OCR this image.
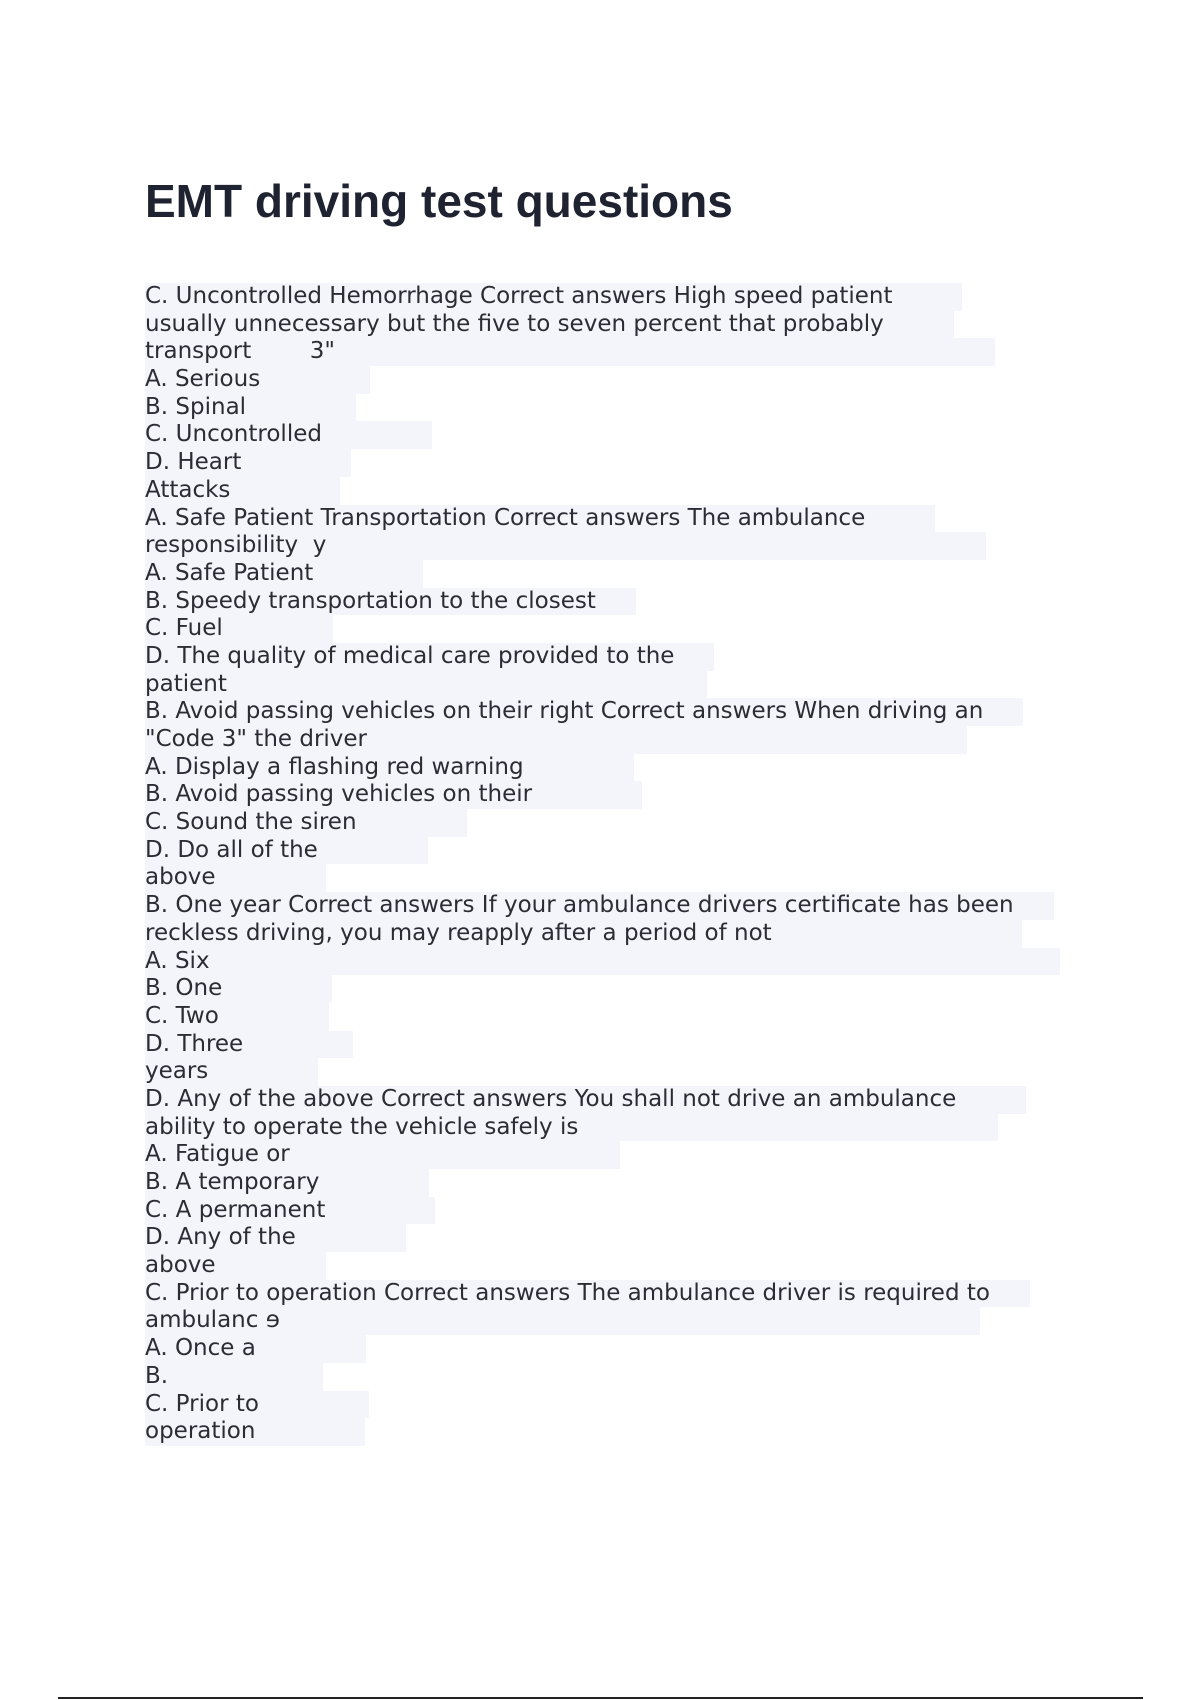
EMT driving test questions
C. Uncontrolled Hemorrhage Correct answers High speed patient
usually unnecessary but the five to seven percent that probably
transport        3"
A. Serious
B. Spinal
C. Uncontrolled
D. Heart
Attacks
A. Safe Patient Transportation Correct answers The ambulance
responsibility  y
A. Safe Patient
B. Speedy transportation to the closest
C. Fuel
D. The quality of medical care provided to the
patient
B. Avoid passing vehicles on their right Correct answers When driving an
"Code 3" the driver
A. Display a flashing red warning
B. Avoid passing vehicles on their
C. Sound the siren
D. Do all of the
above
B. One year Correct answers If your ambulance drivers certificate has been
reckless driving, you may reapply after a period of not
A. Six
B. One
C. Two
D. Three
years
D. Any of the above Correct answers You shall not drive an ambulance
ability to operate the vehicle safely is
A. Fatigue or
B. A temporary
C. A permanent
D. Any of the
above
C. Prior to operation Correct answers The ambulance driver is required to
ambulanc ɘ
A. Once a
B.
C. Prior to
operation
